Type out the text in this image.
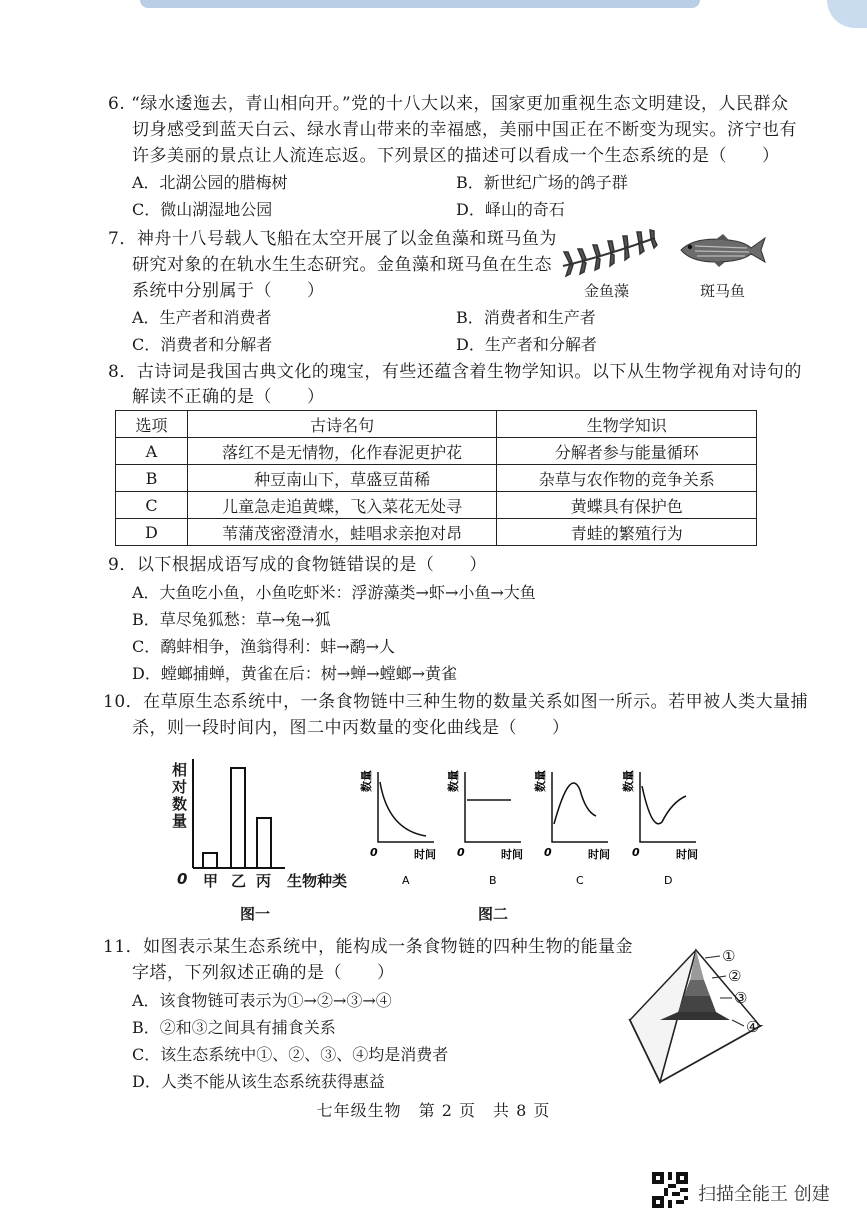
6. “绿水逶迤去，青山相向开。”党的十八大以来，国家更加重视生态文明建设，人民群众
切身感受到蓝天白云、绿水青山带来的幸福感，美丽中国正在不断变为现实。济宁也有
许多美丽的景点让人流连忘返。下列景区的描述可以看成一个生态系统的是（　　）
A．北湖公园的腊梅树	B．新世纪广场的鸽子群
C．微山湖湿地公园	D．峄山的奇石
7．神舟十八号载人飞船在太空开展了以金鱼藻和斑马鱼为
研究对象的在轨水生生态研究。金鱼藻和斑马鱼在生态
系统中分别属于（　　）
A．生产者和消费者	B．消费者和生产者
C．消费者和分解者	D．生产者和分解者
金鱼藻	斑马鱼
8．古诗词是我国古典文化的瑰宝，有些还蕴含着生物学知识。以下从生物学视角对诗句的
解读不正确的是（　　）
选项	古诗名句	生物学知识
A	落红不是无情物，化作春泥更护花	分解者参与能量循环
B	种豆南山下，草盛豆苗稀	杂草与农作物的竞争关系
C	儿童急走追黄蝶，飞入菜花无处寻	黄蝶具有保护色
D	苇蒲茂密澄清水，蛙唱求亲抱对昂	青蛙的繁殖行为
9．以下根据成语写成的食物链错误的是（　　）
A．大鱼吃小鱼，小鱼吃虾米：浮游藻类→虾→小鱼→大鱼
B．草尽兔狐愁：草→兔→狐
C．鹬蚌相争，渔翁得利：蚌→鹬→人
D．螳螂捕蝉，黄雀在后：树→蝉→螳螂→黄雀
10．在草原生态系统中，一条食物链中三种生物的数量关系如图一所示。若甲被人类大量捕
杀，则一段时间内，图二中丙数量的变化曲线是（　　）
相对数量
0 甲 乙 丙 生物种类
图一
数量
0	时间
A
数量
0	时间
B
数量
0	时间
C
数量
0	时间
D
图二
11．如图表示某生态系统中，能构成一条食物链的四种生物的能量金
字塔，下列叙述正确的是（　　）
A．该食物链可表示为①→②→③→④
B．②和③之间具有捕食关系
C．该生态系统中①、②、③、④均是消费者
D．人类不能从该生态系统获得惠益
①
②
③
④
七年级生物　第 2 页　共 8 页
扫描全能王 创建
